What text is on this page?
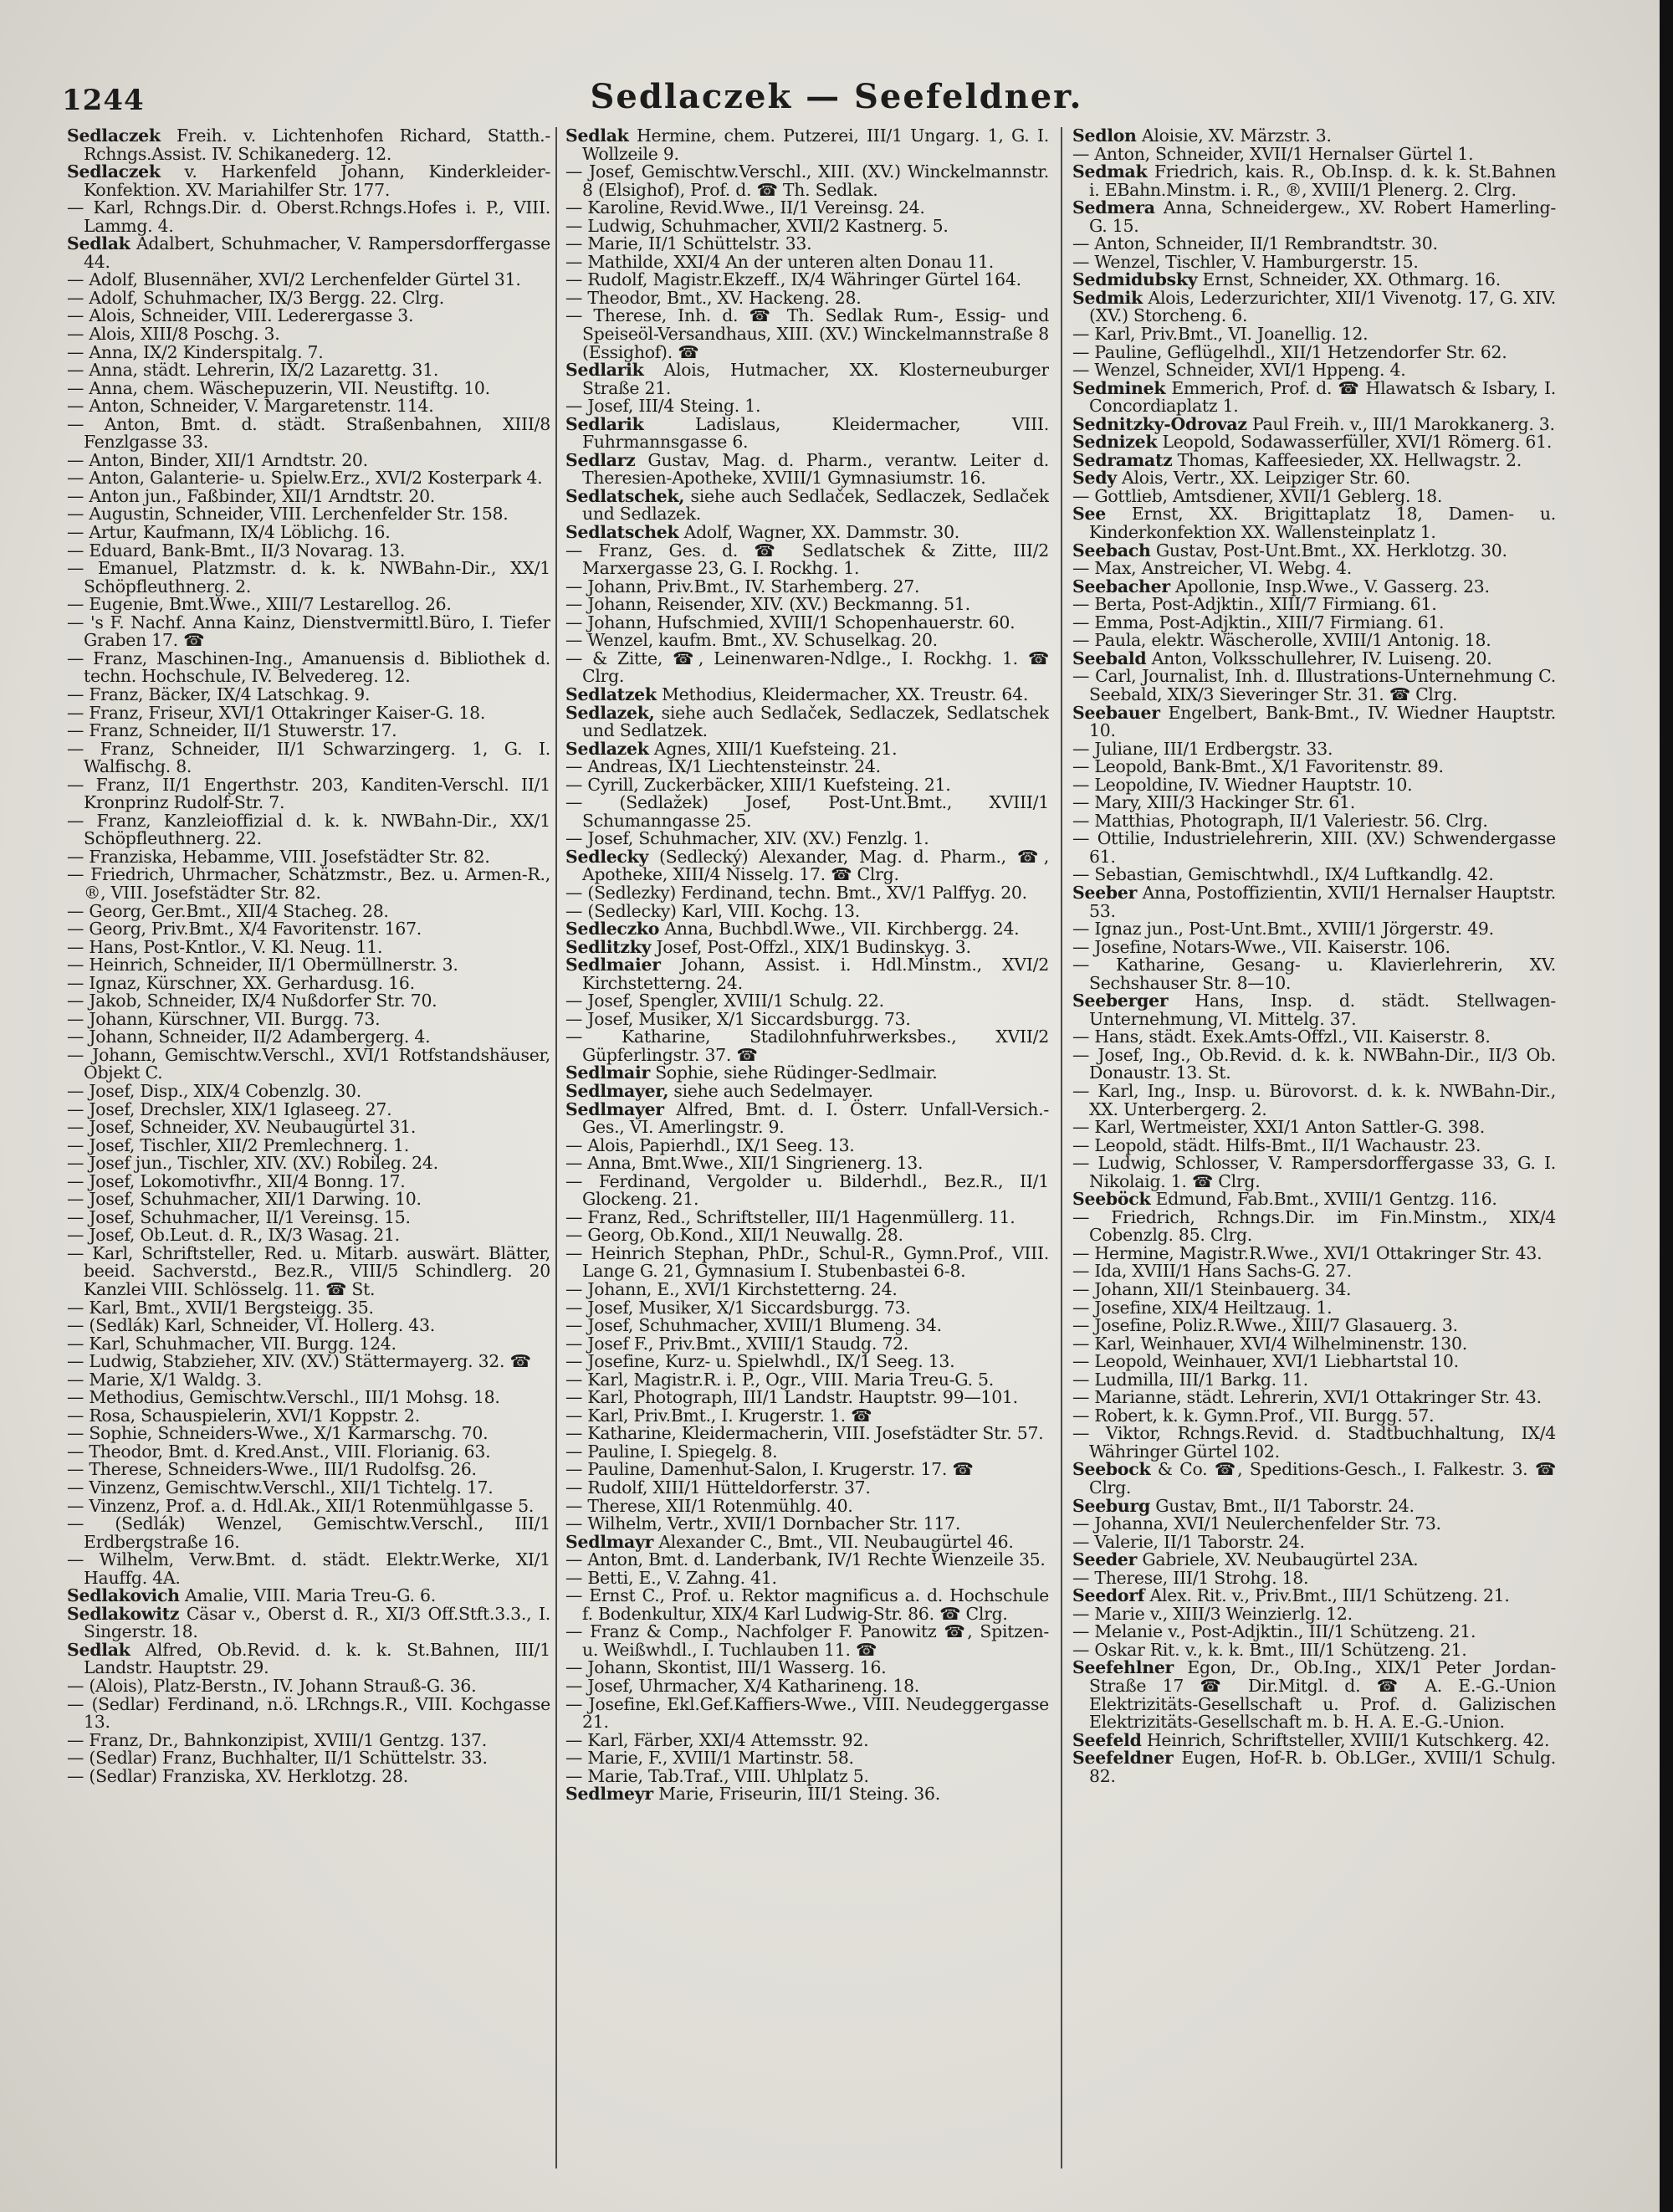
1244	Sedlaczek — Seefeldner.
Sedlaczek Freih. v. Lichtenhofen Richard, Statth.-Rchngs.Assist. IV. Schikanederg. 12.
Sedlaczek v. Harkenfeld Johann, Kinderkleider-Konfektion. XV. Mariahilfer Str. 177.
— Karl, Rchngs.Dir. d. Oberst.Rchngs.Hofes i. P., VIII. Lammg. 4.
Sedlak Adalbert, Schuhmacher, V. Rampersdorffergasse 44.
— Adolf, Blusennäher, XVI/2 Lerchenfelder Gürtel 31.
— Adolf, Schuhmacher, IX/3 Bergg. 22. Clrg.
— Alois, Schneider, VIII. Lederergasse 3.
— Alois, XIII/8 Poschg. 3.
— Anna, IX/2 Kinderspitalg. 7.
— Anna, städt. Lehrerin, IX/2 Lazarettg. 31.
— Anna, chem. Wäschepuzerin, VII. Neustiftg. 10.
— Anton, Schneider, V. Margaretenstr. 114.
— Anton, Bmt. d. städt. Straßenbahnen, XIII/8 Fenzlgasse 33.
— Anton, Binder, XII/1 Arndtstr. 20.
— Anton, Galanterie- u. Spielw.Erz., XVI/2 Kosterpark 4.
— Anton jun., Faßbinder, XII/1 Arndtstr. 20.
— Augustin, Schneider, VIII. Lerchenfelder Str. 158.
— Artur, Kaufmann, IX/4 Löblichg. 16.
— Eduard, Bank-Bmt., II/3 Novarag. 13.
— Emanuel, Platzmstr. d. k. k. NWBahn-Dir., XX/1 Schöpfleuthnerg. 2.
— Eugenie, Bmt.Wwe., XIII/7 Lestarellog. 26.
— 's F. Nachf. Anna Kainz, Dienstvermittl.Büro, I. Tiefer Graben 17. ☎
— Franz, Maschinen-Ing., Amanuensis d. Bibliothek d. techn. Hochschule, IV. Belvedereg. 12.
— Franz, Bäcker, IX/4 Latschkag. 9.
— Franz, Friseur, XVI/1 Ottakringer Kaiser-G. 18.
— Franz, Schneider, II/1 Stuwerstr. 17.
— Franz, Schneider, II/1 Schwarzingerg. 1, G. I. Walfischg. 8.
— Franz, II/1 Engerthstr. 203, Kanditen-Verschl. II/1 Kronprinz Rudolf-Str. 7.
— Franz, Kanzleioffizial d. k. k. NWBahn-Dir., XX/1 Schöpfleuthnerg. 22.
— Franziska, Hebamme, VIII. Josefstädter Str. 82.
— Friedrich, Uhrmacher, Schätzmstr., Bez. u. Armen-R., ®, VIII. Josefstädter Str. 82.
— Georg, Ger.Bmt., XII/4 Stacheg. 28.
— Georg, Priv.Bmt., X/4 Favoritenstr. 167.
— Hans, Post-Kntlor., V. Kl. Neug. 11.
— Heinrich, Schneider, II/1 Obermüllnerstr. 3.
— Ignaz, Kürschner, XX. Gerhardusg. 16.
— Jakob, Schneider, IX/4 Nußdorfer Str. 70.
— Johann, Kürschner, VII. Burgg. 73.
— Johann, Schneider, II/2 Adambergerg. 4.
— Johann, Gemischtw.Verschl., XVI/1 Rotfstandshäuser, Objekt C.
— Josef, Disp., XIX/4 Cobenzlg. 30.
— Josef, Drechsler, XIX/1 Iglaseeg. 27.
— Josef, Schneider, XV. Neubaugürtel 31.
— Josef, Tischler, XII/2 Premlechnerg. 1.
— Josef jun., Tischler, XIV. (XV.) Robileg. 24.
— Josef, Lokomotivfhr., XII/4 Bonng. 17.
— Josef, Schuhmacher, XII/1 Darwing. 10.
— Josef, Schuhmacher, II/1 Vereinsg. 15.
— Josef, Ob.Leut. d. R., IX/3 Wasag. 21.
— Karl, Schriftsteller, Red. u. Mitarb. auswärt. Blätter, beeid. Sachverstd., Bez.R., VIII/5 Schindlerg. 20 Kanzlei VIII. Schlösselg. 11. ☎ St.
— Karl, Bmt., XVII/1 Bergsteigg. 35.
— (Sedlák) Karl, Schneider, VI. Hollerg. 43.
— Karl, Schuhmacher, VII. Burgg. 124.
— Ludwig, Stabzieher, XIV. (XV.) Stättermayerg. 32. ☎
— Marie, X/1 Waldg. 3.
— Methodius, Gemischtw.Verschl., III/1 Mohsg. 18.
— Rosa, Schauspielerin, XVI/1 Koppstr. 2.
— Sophie, Schneiders-Wwe., X/1 Karmarschg. 70.
— Theodor, Bmt. d. Kred.Anst., VIII. Florianig. 63.
— Therese, Schneiders-Wwe., III/1 Rudolfsg. 26.
— Vinzenz, Gemischtw.Verschl., XII/1 Tichtelg. 17.
— Vinzenz, Prof. a. d. Hdl.Ak., XII/1 Rotenmühlgasse 5.
— (Sedlák) Wenzel, Gemischtw.Verschl., III/1 Erdbergstraße 16.
— Wilhelm, Verw.Bmt. d. städt. Elektr.Werke, XI/1 Hauffg. 4A.
Sedlakovich Amalie, VIII. Maria Treu-G. 6.
Sedlakowitz Cäsar v., Oberst d. R., XI/3 Off.Stft.3.3., I. Singerstr. 18.
Sedlak Alfred, Ob.Revid. d. k. k. St.Bahnen, III/1 Landstr. Hauptstr. 29.
— (Alois), Platz-Berstn., IV. Johann Strauß-G. 36.
— (Sedlar) Ferdinand, n.ö. LRchngs.R., VIII. Kochgasse 13.
— Franz, Dr., Bahnkonzipist, XVIII/1 Gentzg. 137.
— (Sedlar) Franz, Buchhalter, II/1 Schüttelstr. 33.
— (Sedlar) Franziska, XV. Herklotzg. 28.
Sedlak Hermine, chem. Putzerei, III/1 Ungarg. 1, G. I. Wollzeile 9.
— Josef, Gemischtw.Verschl., XIII. (XV.) Winckelmannstr. 8 (Elsighof), Prof. d. ☎ Th. Sedlak.
— Karoline, Revid.Wwe., II/1 Vereinsg. 24.
— Ludwig, Schuhmacher, XVII/2 Kastnerg. 5.
— Marie, II/1 Schüttelstr. 33.
— Mathilde, XXI/4 An der unteren alten Donau 11.
— Rudolf, Magistr.Ekzeff., IX/4 Währinger Gürtel 164.
— Theodor, Bmt., XV. Hackeng. 28.
— Therese, Inh. d. ☎ Th. Sedlak Rum-, Essig- und Speiseöl-Versandhaus, XIII. (XV.) Winckelmannstraße 8 (Essighof). ☎
Sedlarik Alois, Hutmacher, XX. Klosterneuburger Straße 21.
— Josef, III/4 Steing. 1.
Sedlarik Ladislaus, Kleidermacher, VIII. Fuhrmannsgasse 6.
Sedlarz Gustav, Mag. d. Pharm., verantw. Leiter d. Theresien-Apotheke, XVIII/1 Gymnasiumstr. 16.
Sedlatschek, siehe auch Sedlaček, Sedlaczek, Sedlaček und Sedlazek.
Sedlatschek Adolf, Wagner, XX. Dammstr. 30.
— Franz, Ges. d. ☎ Sedlatschek & Zitte, III/2 Marxergasse 23, G. I. Rockhg. 1.
— Johann, Priv.Bmt., IV. Starhemberg. 27.
— Johann, Reisender, XIV. (XV.) Beckmanng. 51.
— Johann, Hufschmied, XVIII/1 Schopenhauerstr. 60.
— Wenzel, kaufm. Bmt., XV. Schuselkag. 20.
— & Zitte, ☎, Leinenwaren-Ndlge., I. Rockhg. 1. ☎ Clrg.
Sedlatzek Methodius, Kleidermacher, XX. Treustr. 64.
Sedlazek, siehe auch Sedlaček, Sedlaczek, Sedlatschek und Sedlatzek.
Sedlazek Agnes, XIII/1 Kuefsteing. 21.
— Andreas, IX/1 Liechtensteinstr. 24.
— Cyrill, Zuckerbäcker, XIII/1 Kuefsteing. 21.
— (Sedlažek) Josef, Post-Unt.Bmt., XVIII/1 Schumanngasse 25.
— Josef, Schuhmacher, XIV. (XV.) Fenzlg. 1.
Sedlecky (Sedlecký) Alexander, Mag. d. Pharm., ☎, Apotheke, XIII/4 Nisselg. 17. ☎ Clrg.
— (Sedlezky) Ferdinand, techn. Bmt., XV/1 Palffyg. 20.
— (Sedlecky) Karl, VIII. Kochg. 13.
Sedleczko Anna, Buchbdl.Wwe., VII. Kirchbergg. 24.
Sedlitzky Josef, Post-Offzl., XIX/1 Budinskyg. 3.
Sedlmaier Johann, Assist. i. Hdl.Minstm., XVI/2 Kirchstetterng. 24.
— Josef, Spengler, XVIII/1 Schulg. 22.
— Josef, Musiker, X/1 Siccardsburgg. 73.
— Katharine, Stadilohnfuhrwerksbes., XVII/2 Güpferlingstr. 37. ☎
Sedlmair Sophie, siehe Rüdinger-Sedlmair.
Sedlmayer, siehe auch Sedelmayer.
Sedlmayer Alfred, Bmt. d. I. Österr. Unfall-Versich.-Ges., VI. Amerlingstr. 9.
— Alois, Papierhdl., IX/1 Seeg. 13.
— Anna, Bmt.Wwe., XII/1 Singrienerg. 13.
— Ferdinand, Vergolder u. Bilderhdl., Bez.R., II/1 Glockeng. 21.
— Franz, Red., Schriftsteller, III/1 Hagenmüllerg. 11.
— Georg, Ob.Kond., XII/1 Neuwallg. 28.
— Heinrich Stephan, PhDr., Schul-R., Gymn.Prof., VIII. Lange G. 21, Gymnasium I. Stubenbastei 6-8.
— Johann, E., XVI/1 Kirchstetterng. 24.
— Josef, Musiker, X/1 Siccardsburgg. 73.
— Josef, Schuhmacher, XVIII/1 Blumeng. 34.
— Josef F., Priv.Bmt., XVIII/1 Staudg. 72.
— Josefine, Kurz- u. Spielwhdl., IX/1 Seeg. 13.
— Karl, Magistr.R. i. P., Ogr., VIII. Maria Treu-G. 5.
— Karl, Photograph, III/1 Landstr. Hauptstr. 99—101.
— Karl, Priv.Bmt., I. Krugerstr. 1. ☎
— Katharine, Kleidermacherin, VIII. Josefstädter Str. 57.
— Pauline, I. Spiegelg. 8.
— Pauline, Damenhut-Salon, I. Krugerstr. 17. ☎
— Rudolf, XIII/1 Hütteldorferstr. 37.
— Therese, XII/1 Rotenmühlg. 40.
— Wilhelm, Vertr., XVII/1 Dornbacher Str. 117.
Sedlmayr Alexander C., Bmt., VII. Neubaugürtel 46.
— Anton, Bmt. d. Landerbank, IV/1 Rechte Wienzeile 35.
— Betti, E., V. Zahng. 41.
— Ernst C., Prof. u. Rektor magnificus a. d. Hochschule f. Bodenkultur, XIX/4 Karl Ludwig-Str. 86. ☎ Clrg.
— Franz & Comp., Nachfolger F. Panowitz ☎, Spitzen- u. Weißwhdl., I. Tuchlauben 11. ☎
— Johann, Skontist, III/1 Wasserg. 16.
— Josef, Uhrmacher, X/4 Katharineng. 18.
— Josefine, Ekl.Gef.Kaffiers-Wwe., VIII. Neudeggergasse 21.
— Karl, Färber, XXI/4 Attemsstr. 92.
— Marie, F., XVIII/1 Martinstr. 58.
— Marie, Tab.Traf., VIII. Uhlplatz 5.
Sedlmeyr Marie, Friseurin, III/1 Steing. 36.
Sedlon Aloisie, XV. Märzstr. 3.
— Anton, Schneider, XVII/1 Hernalser Gürtel 1.
Sedmak Friedrich, kais. R., Ob.Insp. d. k. k. St.Bahnen i. EBahn.Minstm. i. R., ®, XVIII/1 Plenerg. 2. Clrg.
Sedmera Anna, Schneidergew., XV. Robert Hamerling-G. 15.
— Anton, Schneider, II/1 Rembrandtstr. 30.
— Wenzel, Tischler, V. Hamburgerstr. 15.
Sedmidubsky Ernst, Schneider, XX. Othmarg. 16.
Sedmik Alois, Lederzurichter, XII/1 Vivenotg. 17, G. XIV. (XV.) Storcheng. 6.
— Karl, Priv.Bmt., VI. Joanellig. 12.
— Pauline, Geflügelhdl., XII/1 Hetzendorfer Str. 62.
— Wenzel, Schneider, XVI/1 Hppeng. 4.
Sedminek Emmerich, Prof. d. ☎ Hlawatsch & Isbary, I. Concordiaplatz 1.
Sednitzky-Odrovaz Paul Freih. v., III/1 Marokkanerg. 3.
Sednizek Leopold, Sodawasserfüller, XVI/1 Römerg. 61.
Sedramatz Thomas, Kaffeesieder, XX. Hellwagstr. 2.
Sedy Alois, Vertr., XX. Leipziger Str. 60.
— Gottlieb, Amtsdiener, XVII/1 Geblerg. 18.
See Ernst, XX. Brigittaplatz 18, Damen- u. Kinderkonfektion XX. Wallensteinplatz 1.
Seebach Gustav, Post-Unt.Bmt., XX. Herklotzg. 30.
— Max, Anstreicher, VI. Webg. 4.
Seebacher Apollonie, Insp.Wwe., V. Gasserg. 23.
— Berta, Post-Adjktin., XIII/7 Firmiang. 61.
— Emma, Post-Adjktin., XIII/7 Firmiang. 61.
— Paula, elektr. Wäscherolle, XVIII/1 Antonig. 18.
Seebald Anton, Volksschullehrer, IV. Luiseng. 20.
— Carl, Journalist, Inh. d. Illustrations-Unternehmung C. Seebald, XIX/3 Sieveringer Str. 31. ☎ Clrg.
Seebauer Engelbert, Bank-Bmt., IV. Wiedner Hauptstr. 10.
— Juliane, III/1 Erdbergstr. 33.
— Leopold, Bank-Bmt., X/1 Favoritenstr. 89.
— Leopoldine, IV. Wiedner Hauptstr. 10.
— Mary, XIII/3 Hackinger Str. 61.
— Matthias, Photograph, II/1 Valeriestr. 56. Clrg.
— Ottilie, Industrielehrerin, XIII. (XV.) Schwendergasse 61.
— Sebastian, Gemischtwhdl., IX/4 Luftkandlg. 42.
Seeber Anna, Postoffizientin, XVII/1 Hernalser Hauptstr. 53.
— Ignaz jun., Post-Unt.Bmt., XVIII/1 Jörgerstr. 49.
— Josefine, Notars-Wwe., VII. Kaiserstr. 106.
— Katharine, Gesang- u. Klavierlehrerin, XV. Sechshauser Str. 8—10.
Seeberger Hans, Insp. d. städt. Stellwagen-Unternehmung, VI. Mittelg. 37.
— Hans, städt. Exek.Amts-Offzl., VII. Kaiserstr. 8.
— Josef, Ing., Ob.Revid. d. k. k. NWBahn-Dir., II/3 Ob. Donaustr. 13. St.
— Karl, Ing., Insp. u. Bürovorst. d. k. k. NWBahn-Dir., XX. Unterbergerg. 2.
— Karl, Wertmeister, XXI/1 Anton Sattler-G. 398.
— Leopold, städt. Hilfs-Bmt., II/1 Wachaustr. 23.
— Ludwig, Schlosser, V. Rampersdorffergasse 33, G. I. Nikolaig. 1. ☎ Clrg.
Seeböck Edmund, Fab.Bmt., XVIII/1 Gentzg. 116.
— Friedrich, Rchngs.Dir. im Fin.Minstm., XIX/4 Cobenzlg. 85. Clrg.
— Hermine, Magistr.R.Wwe., XVI/1 Ottakringer Str. 43.
— Ida, XVIII/1 Hans Sachs-G. 27.
— Johann, XII/1 Steinbauerg. 34.
— Josefine, XIX/4 Heiltzaug. 1.
— Josefine, Poliz.R.Wwe., XIII/7 Glasauerg. 3.
— Karl, Weinhauer, XVI/4 Wilhelminenstr. 130.
— Leopold, Weinhauer, XVI/1 Liebhartstal 10.
— Ludmilla, III/1 Barkg. 11.
— Marianne, städt. Lehrerin, XVI/1 Ottakringer Str. 43.
— Robert, k. k. Gymn.Prof., VII. Burgg. 57.
— Viktor, Rchngs.Revid. d. Stadtbuchhaltung, IX/4 Währinger Gürtel 102.
Seebock & Co. ☎, Speditions-Gesch., I. Falkestr. 3. ☎ Clrg.
Seeburg Gustav, Bmt., II/1 Taborstr. 24.
— Johanna, XVI/1 Neulerchenfelder Str. 73.
— Valerie, II/1 Taborstr. 24.
Seeder Gabriele, XV. Neubaugürtel 23A.
— Therese, III/1 Strohg. 18.
Seedorf Alex. Rit. v., Priv.Bmt., III/1 Schützeng. 21.
— Marie v., XIII/3 Weinzierlg. 12.
— Melanie v., Post-Adjktin., III/1 Schützeng. 21.
— Oskar Rit. v., k. k. Bmt., III/1 Schützeng. 21.
Seefehlner Egon, Dr., Ob.Ing., XIX/1 Peter Jordan-Straße 17 ☎ Dir.Mitgl. d. ☎ A. E.-G.-Union Elektrizitäts-Gesellschaft u. Prof. d. Galizischen Elektrizitäts-Gesellschaft m. b. H. A. E.-G.-Union.
Seefeld Heinrich, Schriftsteller, XVIII/1 Kutschkerg. 42.
Seefeldner Eugen, Hof-R. b. Ob.LGer., XVIII/1 Schulg. 82.
